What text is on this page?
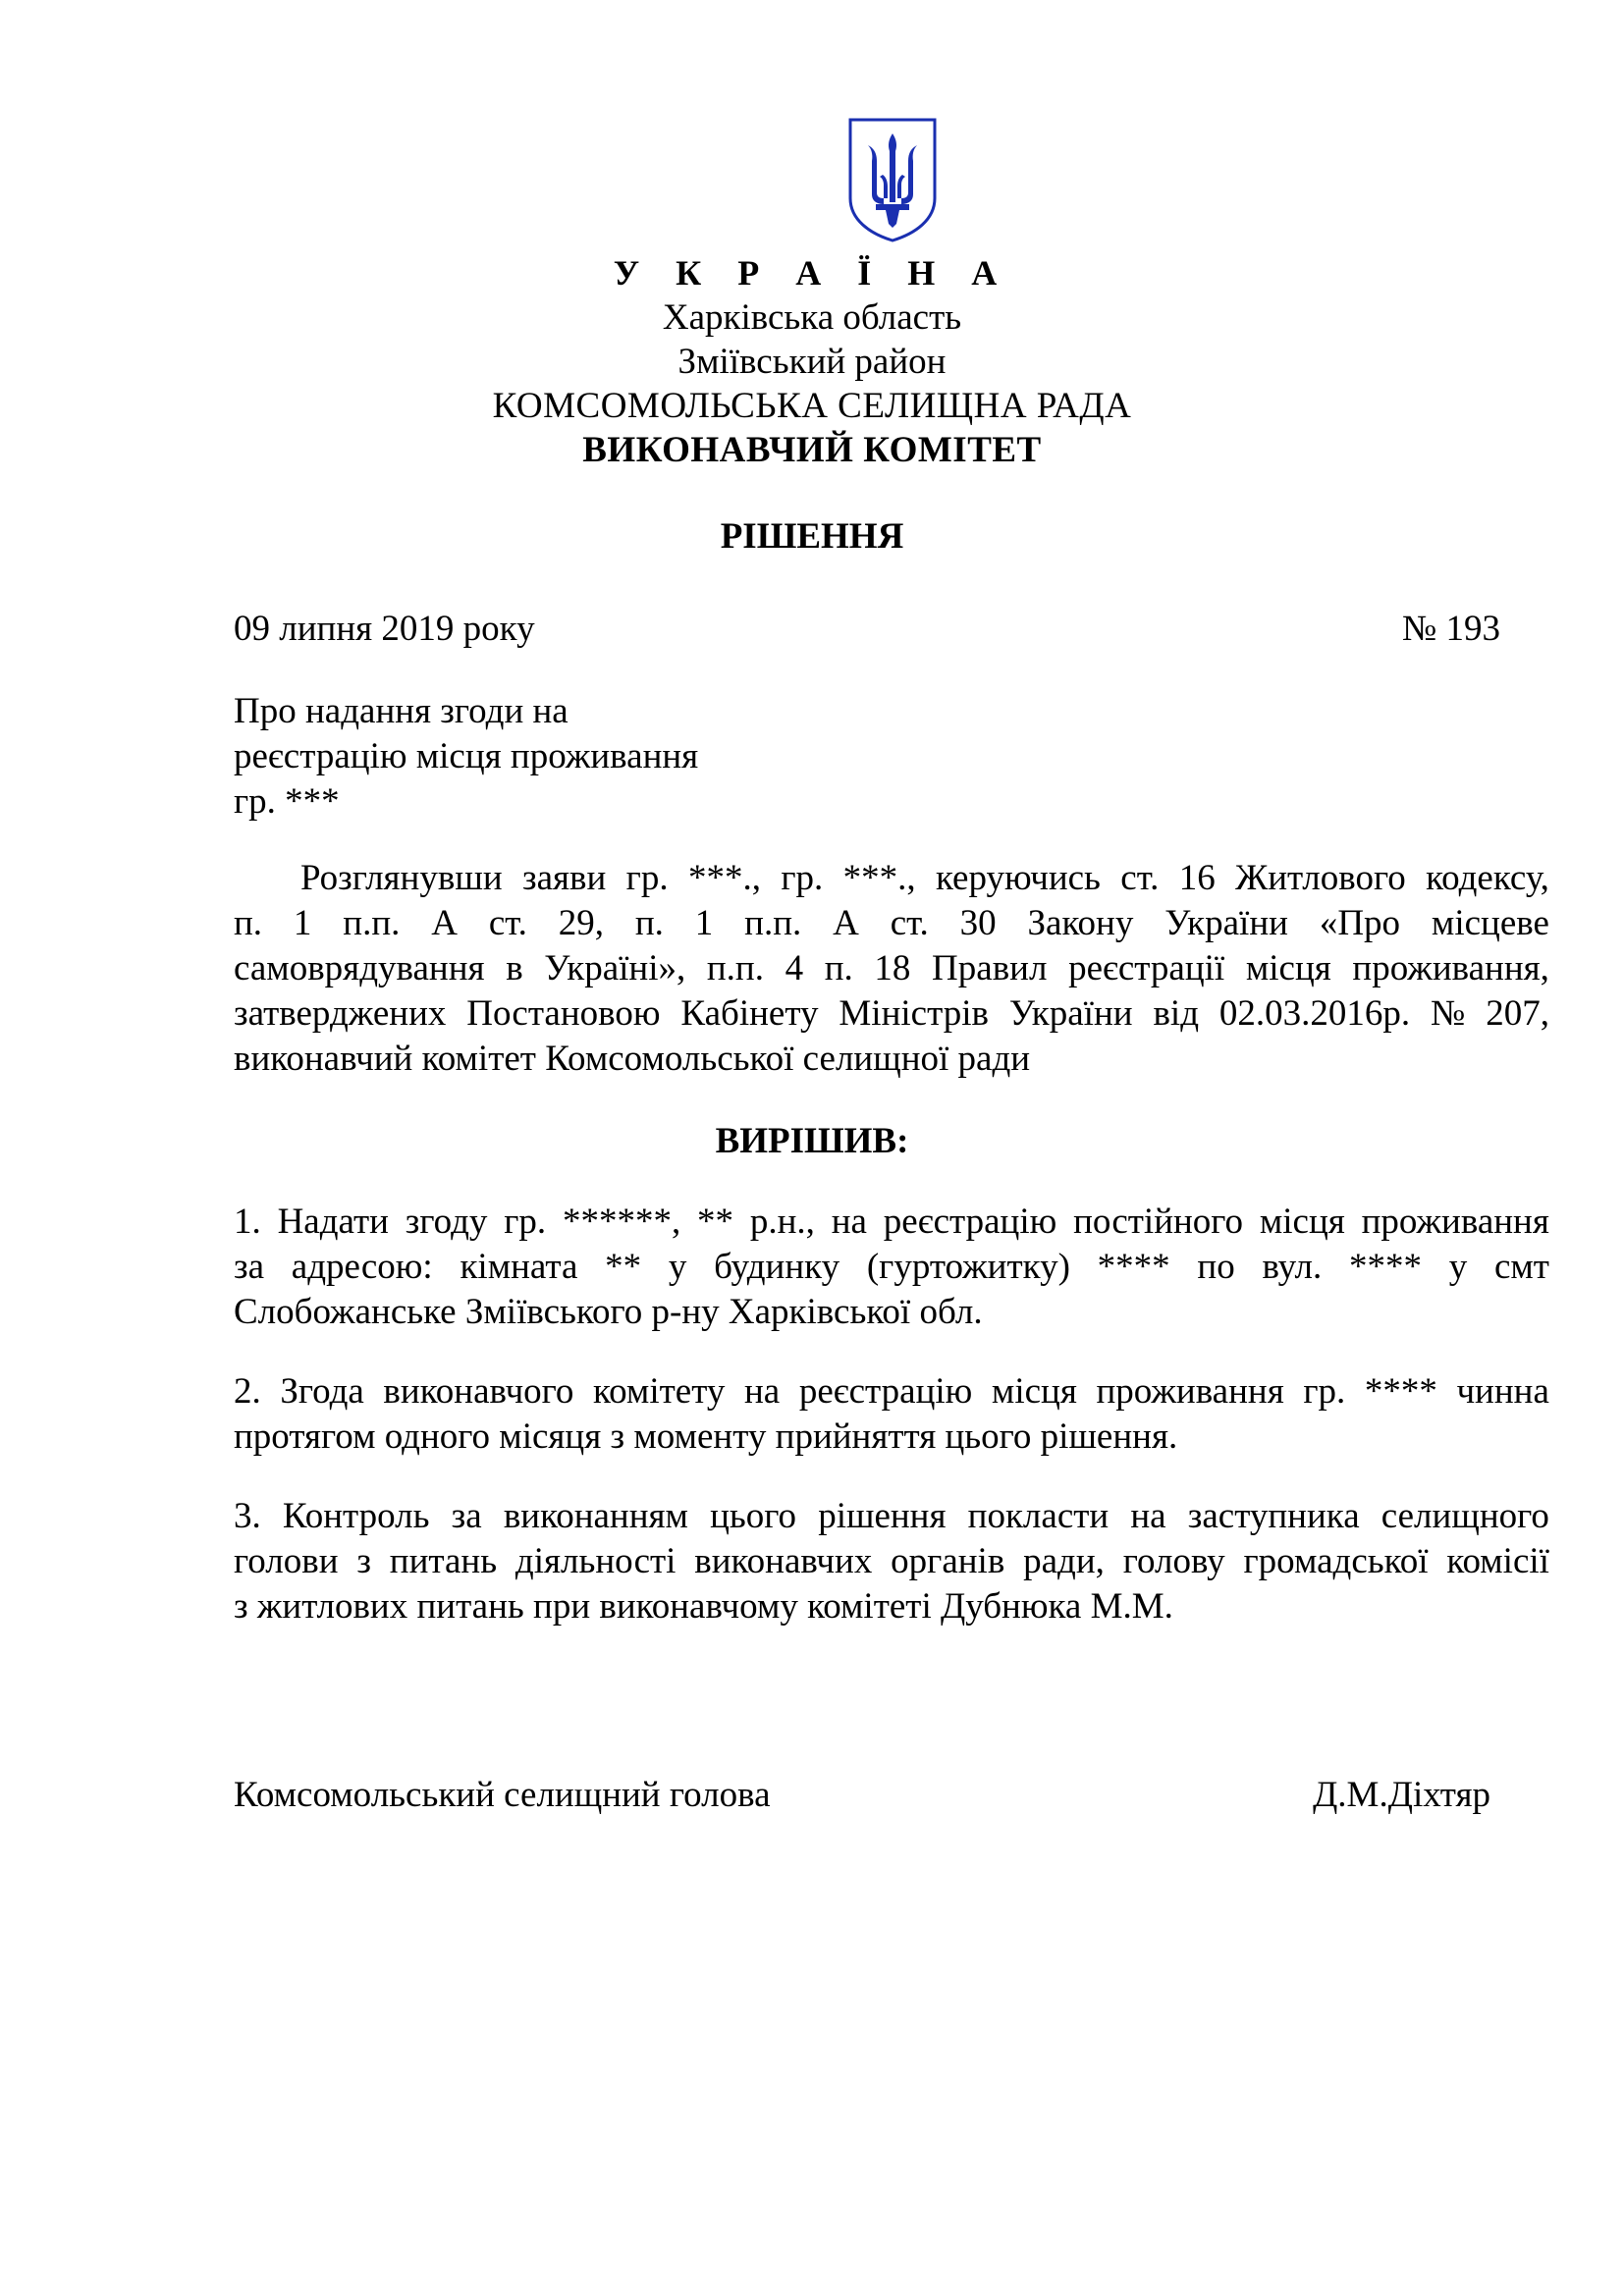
У К Р А Ї Н А
Харківська область
Зміївський район
КОМСОМОЛЬСЬКА СЕЛИЩНА РАДА
ВИКОНАВЧИЙ КОМІТЕТ
РІШЕННЯ
09 липня 2019 року	№ 193
Про надання згоди на
реєстрацію місця проживання
гр. ***
Розглянувши заяви гр. ***., гр. ***., керуючись ст. 16 Житлового кодексу,
п. 1 п.п. А ст. 29, п. 1 п.п. А ст. 30 Закону України «Про місцеве
самоврядування в Україні», п.п. 4 п. 18 Правил реєстрації місця проживання,
затверджених Постановою Кабінету Міністрів України від 02.03.2016р. № 207,
виконавчий комітет Комсомольської селищної ради
ВИРІШИВ:
1. Надати згоду гр. ******, ** р.н., на реєстрацію постійного місця проживання
за адресою: кімната ** у будинку (гуртожитку) **** по вул. **** у смт
Слобожанське Зміївського р-ну Харківської обл.
2. Згода виконавчого комітету на реєстрацію місця проживання гр. **** чинна
протягом одного місяця з моменту прийняття цього рішення.
3. Контроль за виконанням цього рішення покласти на заступника селищного
голови з питань діяльності виконавчих органів ради, голову громадської комісії
з житлових питань при виконавчому комітеті Дубнюка М.М.
Комсомольський селищний голова	Д.М.Діхтяр
